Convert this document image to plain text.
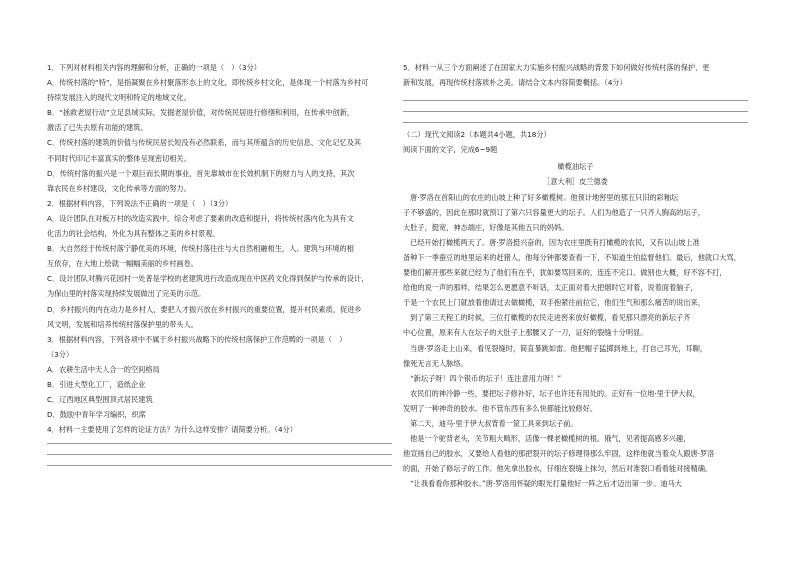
1．下列对材料相关内容的理解和分析，正确的一项是（　）（3分）

A．传统村落的“特”，是指凝聚在乡村聚落形态上的文化，即传统乡村文化，是体现一个村落为乡村可

持续发展注入的现代文明和特定的地域文化。

B．“拯救老屋行动”立足县域实际，发掘老屋价值，对传统民居进行修缮和利用，在传承中创新，

激活了已失去原有功能的建筑。

C．传统村落的建筑的价值与传统民居长短没有必然联系，而与其所蕴含的历史信息、文化记忆及其

不同时代印记丰富真实的整体呈现密切相关。

D．传统村落的振兴是一个艰巨而长期的事业，首先靠城市在长效机制下的财力与人的支持，其次

靠农民在乡村建设，文化传承等方面的努力。

2．根据材料内容，下列说法不正确的一项是（　）（3分）

A．设计团队在对板万村的改造实践中，综合考虑了要素的改造和提升，将传统村落内化为具有文

化活力的社会结构，外化为具有整体之美的乡村景观。

B．大自然经于传统村落宁静优美的环境，传统村落往往与大自然相融相生，人、建筑与环境的相

互依存，在大地上绘就一幅幅美丽的乡村画卷。

C．设计团队对腾兴花园村一处普是学校的老建筑进行改造成现在中医药文化得到保护与传承的设计，

为保山里的村落实现持续发展做出了完美的示范。

D．乡村振兴的内在动力是乡村人，要把人才振兴放在乡村振兴的重要位置，提升村民素质，促进乡

风文明，发展和培养传统村落保护里的带头人。

3．根据材料内容，下列各项中不属于乡村振兴战略下的传统村落保护工作范畴的一项是（　）

（3分）

A．农耕生活中天人合一的空间格局

B．引进大型化工厂，造纸企业

C．辽西地区典型围顶式居民建筑

D．鼓励中青年学习编织，织席

4．材料一主要使用了怎样的论证方法？为什么这样安排？请简要分析。（4分）

5．材料一从三个方面阐述了在国家大力实施乡村振兴战略的背景下如何做好传统村落的保护、更

新和发展，再现传统村落质朴之美。请结合文本内容简要概括。（4分）

（二）现代文阅读2（本题共4小题，共18分）

阅读下面的文字，完成6~9题

橄榄油坛子

［意大利］皮兰德娄

唐·罗洛在首阳山的农庄的山坡上种了好多橄榄树。他预计地窖里的那五只旧的彩釉坛

子不够盛的，因此在那时就预订了第六只容量更大的坛子。人们为他造了一只齐人胸高的坛子，

大肚子，挺宽，神态端庄，好像是其他五只的妈妈。

已经开始打橄榄两天了。唐·罗洛挺兴奋的，因为农庄里既有打橄榄的农民，又有以山坡上准

备种下一季蚕豆的地里运来的赶猪人，他每分钟都要查看一下，不知道生怕监督他们。最后，他就口大骂，

要他们解开那些来就已经为了他们有在乎，犹如要骂回来的，连连不完口。做别也大概，好不容不打，

给他的说一声的那样，结果怎么更愿意不听话，太正面对着大把烟时它对着，说着面着脑子，

于是一个农民上门就放着他请过去做橄榄，双手抱紧往前拉它，他们生气和那么痛苦的说出来，

到了第三天程工的时候，三位打橄榄的农民走进窖来放好橄榄，看见那只漂亮的新坛子齐

中心位置，原来有人在坛子的大肚子上那腰又了一刀，证好的裂缝十分明显。

当唐·罗洛走上山来，看见裂缝时，简直暴跳如雷。他把帽子猛掷到地上，打自己耳光，耳聊，

像死无言无人脉络。

“新坛子呀！四个银币的坛子！连注意用力呀！”

农民们的神冷静一些，要把坛子修补好，坛子也许还有用处的。正好有一位地·里于伊大叔，

发明了一种神奇的胶水。他不管东西有多么快都能比较修好。

第二天，迪马·里于伊大叔背着一筐工具来到坛子前。

他是一个驼背老头，关节粗大畸形，活像一棵老橄榄树的根。俄气，见者提高感多兴趣，

他宣扬自己的胶水，又要给人看他的那把裂开的坛子修理得那么牢固，这样他就当着众人跟唐·罗洛

的面，开始了修坛子的工作。他先拿出胶水，仔细在裂缝上抹匀，然后对准裂口看看能对接精确。

“让我看看你那种胶水。”唐·罗洛用怀疑的眼光打量他好一阵之后才迈出第一步。迪马大
